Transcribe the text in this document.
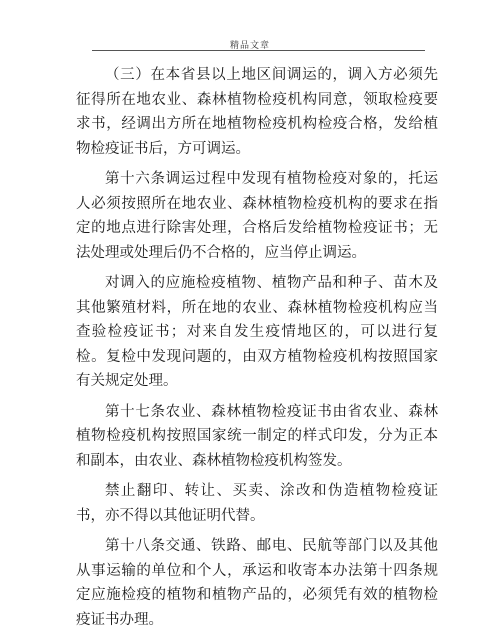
精品文章

（三）在本省县以上地区间调运的，调入方必须先征得所在地农业、森林植物检疫机构同意，领取检疫要求书，经调出方所在地植物检疫机构检疫合格，发给植物检疫证书后，方可调运。

第十六条调运过程中发现有植物检疫对象的，托运人必须按照所在地农业、森林植物检疫机构的要求在指定的地点进行除害处理，合格后发给植物检疫证书；无法处理或处理后仍不合格的，应当停止调运。

对调入的应施检疫植物、植物产品和种子、苗木及其他繁殖材料，所在地的农业、森林植物检疫机构应当查验检疫证书；对来自发生疫情地区的，可以进行复检。复检中发现问题的，由双方植物检疫机构按照国家有关规定处理。

第十七条农业、森林植物检疫证书由省农业、森林植物检疫机构按照国家统一制定的样式印发，分为正本和副本，由农业、森林植物检疫机构签发。

禁止翻印、转让、买卖、涂改和伪造植物检疫证书，亦不得以其他证明代替。

第十八条交通、铁路、邮电、民航等部门以及其他从事运输的单位和个人，承运和收寄本办法第十四条规定应施检疫的植物和植物产品的，必须凭有效的植物检疫证书办理。
